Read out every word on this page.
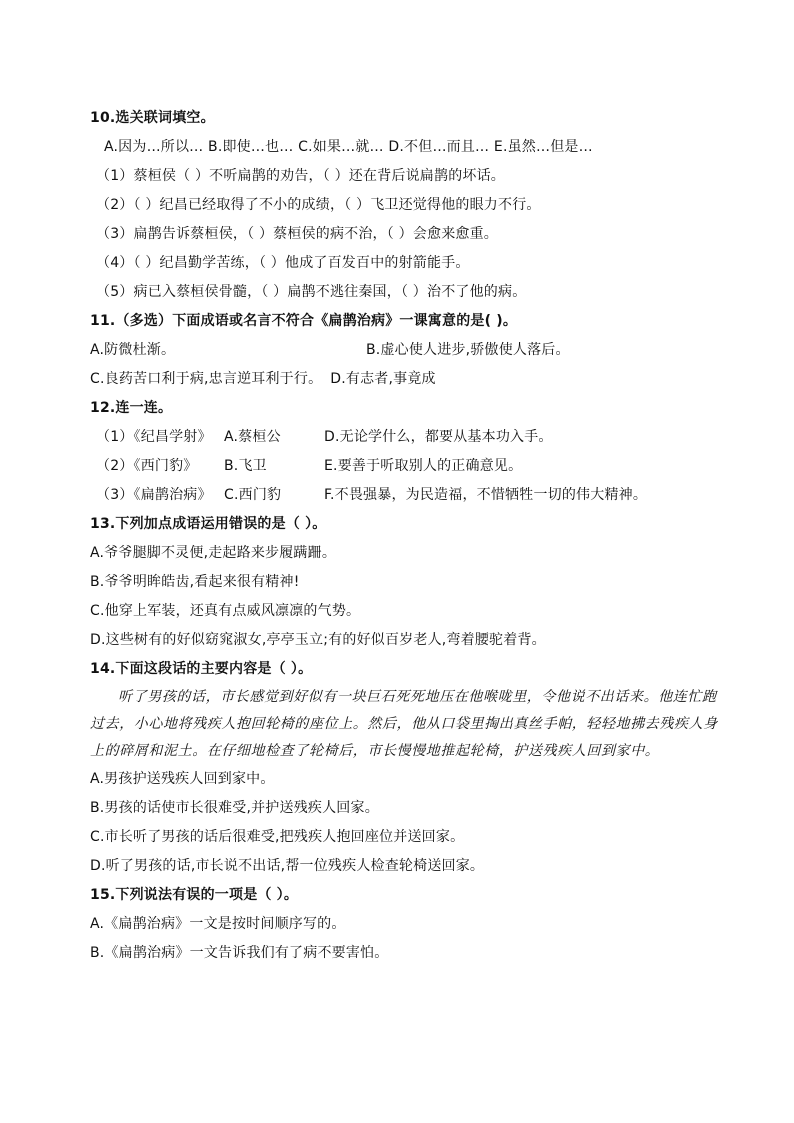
10.选关联词填空。
A.因为…所以… B.即使…也… C.如果…就… D.不但…而且… E.虽然…但是…
（1）蔡桓侯（ ）不听扁鹊的劝告，（ ）还在背后说扁鹊的坏话。
（2）（ ）纪昌已经取得了不小的成绩，（ ）飞卫还觉得他的眼力不行。
（3）扁鹊告诉蔡桓侯，（ ）蔡桓侯的病不治，（ ）会愈来愈重。
（4）（ ）纪昌勤学苦练，（ ）他成了百发百中的射箭能手。
（5）病已入蔡桓侯骨髓，（ ）扁鹊不逃往秦国，（ ）治不了他的病。
11.（多选）下面成语或名言不符合《扁鹊治病》一课寓意的是( )。
A.防微杜渐。	B.虚心使人进步,骄傲使人落后。
C.良药苦口利于病,忠言逆耳利于行。 D.有志者,事竟成
12.连一连。
（1）《纪昌学射》 A.蔡桓公	D.无论学什么，都要从基本功入手。
（2）《西门豹》 B.飞卫	E.要善于听取别人的正确意见。
（3）《扁鹊治病》 C.西门豹	F.不畏强暴，为民造福，不惜牺牲一切的伟大精神。
13.下列加点成语运用错误的是（ ）。
A.爷爷腿脚不灵便,走起路来步履蹒跚。
B.爷爷明眸皓齿,看起来很有精神!
C.他穿上军装，还真有点威风凛凛的气势。
D.这些树有的好似窈窕淑女,亭亭玉立;有的好似百岁老人,弯着腰驼着背。
14.下面这段话的主要内容是（ ）。

听了男孩的话，市长感觉到好似有一块巨石死死地压在他喉咙里，令他说不出话来。他连忙跑过去，小心地将残疾人抱回轮椅的座位上。然后，他从口袋里掏出真丝手帕，轻轻地拂去残疾人身上的碎屑和泥土。在仔细地检查了轮椅后，市长慢慢地推起轮椅，护送残疾人回到家中。

A.男孩护送残疾人回到家中。
B.男孩的话使市长很难受,并护送残疾人回家。
C.市长听了男孩的话后很难受,把残疾人抱回座位并送回家。
D.听了男孩的话,市长说不出话,帮一位残疾人检查轮椅送回家。
15.下列说法有误的一项是（ ）。
A.《扁鹊治病》一文是按时间顺序写的。
B.《扁鹊治病》一文告诉我们有了病不要害怕。
